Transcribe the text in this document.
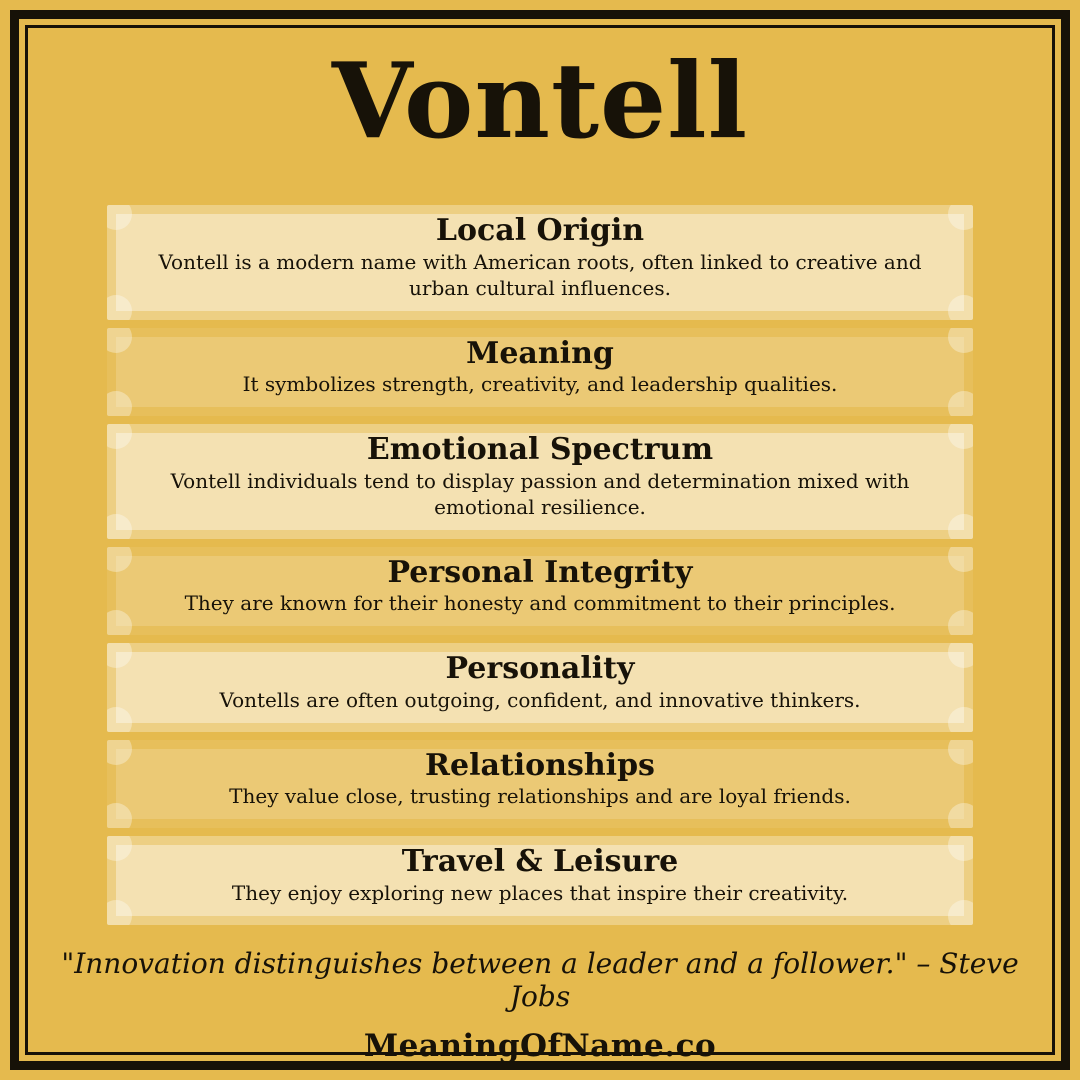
Vontell
Local Origin
Vontell is a modern name with American roots, often linked to creative and urban cultural influences.
Meaning
It symbolizes strength, creativity, and leadership qualities.
Emotional Spectrum
Vontell individuals tend to display passion and determination mixed with emotional resilience.
Personal Integrity
They are known for their honesty and commitment to their principles.
Personality
Vontells are often outgoing, confident, and innovative thinkers.
Relationships
They value close, trusting relationships and are loyal friends.
Travel & Leisure
They enjoy exploring new places that inspire their creativity.
"Innovation distinguishes between a leader and a follower." – Steve Jobs
MeaningOfName.co
